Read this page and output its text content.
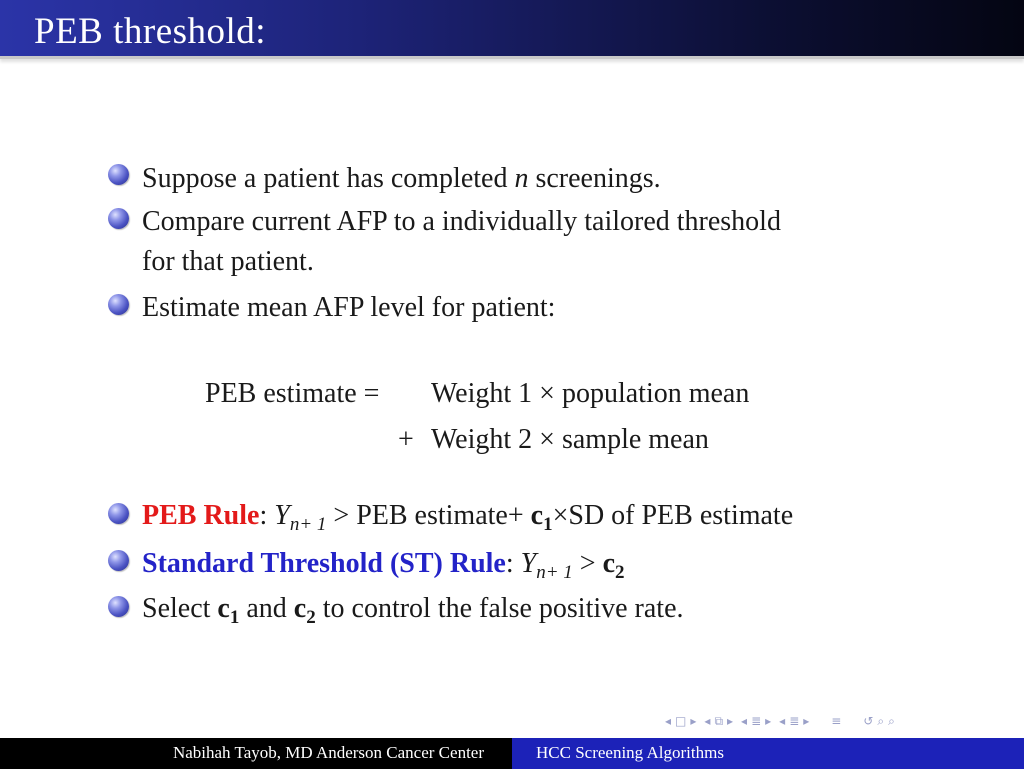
PEB threshold:
Suppose a patient has completed n screenings.
Compare current AFP to a individually tailored threshold
for that patient.
Estimate mean AFP level for patient:
PEB estimate = Weight 1 × population mean
+ Weight 2 × sample mean
PEB Rule: $Y_{n+ 1}$ > PEB estimate+ $c_1\times SD$ of PEB estimate
Standard Threshold (ST) Rule: $Y_{n+ 1} > c_2$
Select $c_1$ and $c_2$ to control the false positive rate.
◂ □ ▸ ◂ ⧉ ▸ ◂ ≣ ▸ ◂ ≣ ▸ ≡ ↺ ⌕ ⌕
Nabihah Tayob, MD Anderson Cancer Center	HCC Screening Algorithms
